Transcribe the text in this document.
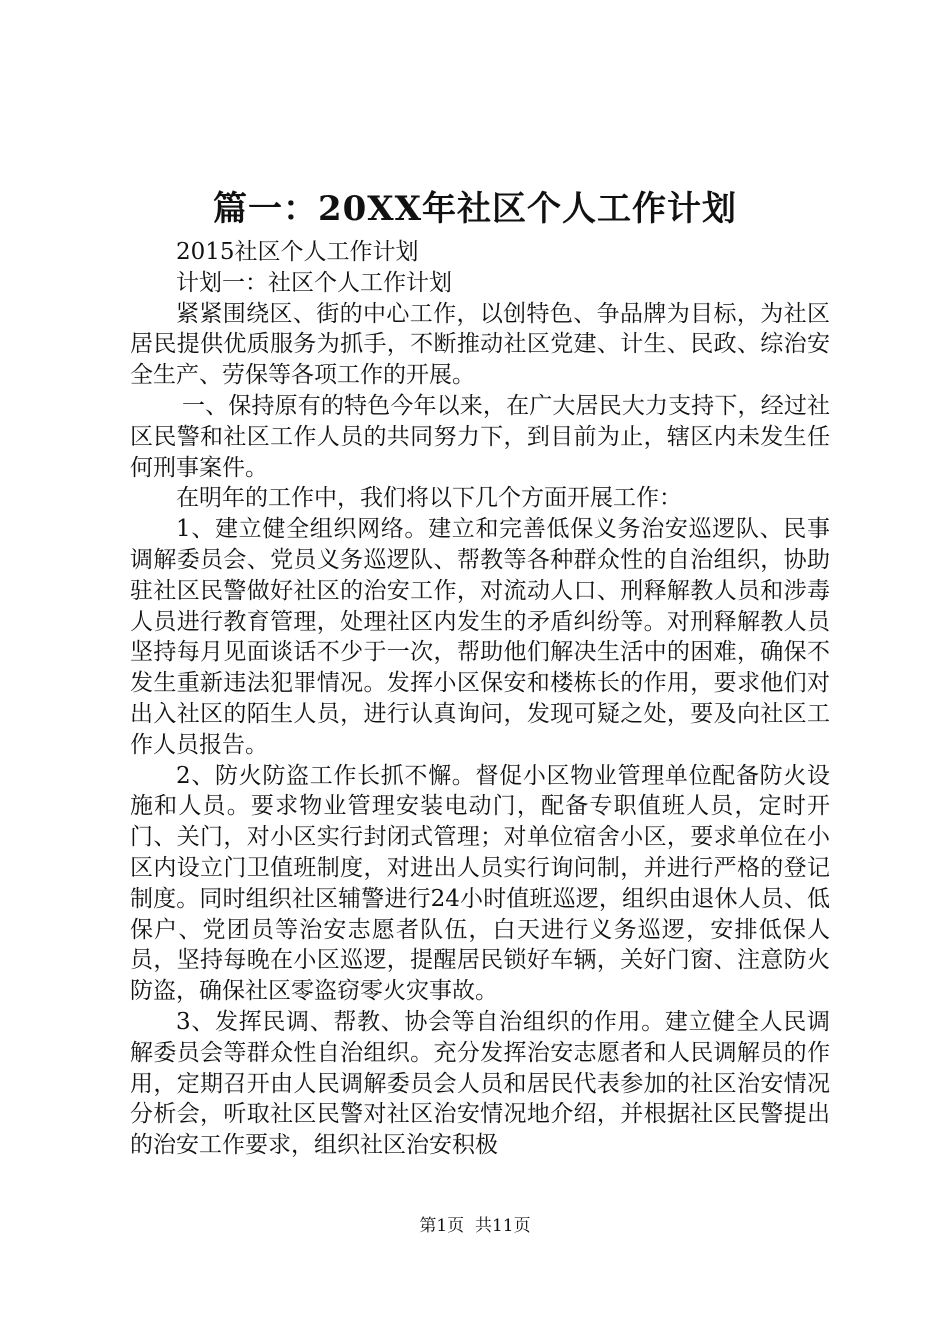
篇一：20XX年社区个人工作计划

2015社区个人工作计划

计划一：社区个人工作计划

紧紧围绕区、街的中心工作，以创特色、争品牌为目标，为社区居民提供优质服务为抓手，不断推动社区党建、计生、民政、综治安全生产、劳保等各项工作的开展。

一、保持原有的特色今年以来，在广大居民大力支持下，经过社区民警和社区工作人员的共同努力下，到目前为止，辖区内未发生任何刑事案件。

在明年的工作中，我们将以下几个方面开展工作：

1、建立健全组织网络。建立和完善低保义务治安巡逻队、民事调解委员会、党员义务巡逻队、帮教等各种群众性的自治组织，协助驻社区民警做好社区的治安工作，对流动人口、刑释解教人员和涉毒人员进行教育管理，处理社区内发生的矛盾纠纷等。对刑释解教人员坚持每月见面谈话不少于一次，帮助他们解决生活中的困难，确保不发生重新违法犯罪情况。发挥小区保安和楼栋长的作用，要求他们对出入社区的陌生人员，进行认真询问，发现可疑之处，要及向社区工作人员报告。

2、防火防盗工作长抓不懈。督促小区物业管理单位配备防火设施和人员。要求物业管理安装电动门，配备专职值班人员，定时开门、关门，对小区实行封闭式管理；对单位宿舍小区，要求单位在小区内设立门卫值班制度，对进出人员实行询问制，并进行严格的登记制度。同时组织社区辅警进行24小时值班巡逻，组织由退休人员、低保户、党团员等治安志愿者队伍，白天进行义务巡逻，安排低保人员，坚持每晚在小区巡逻，提醒居民锁好车辆，关好门窗、注意防火防盗，确保社区零盗窃零火灾事故。

3、发挥民调、帮教、协会等自治组织的作用。建立健全人民调解委员会等群众性自治组织。充分发挥治安志愿者和人民调解员的作用，定期召开由人民调解委员会人员和居民代表参加的社区治安情况分析会，听取社区民警对社区治安情况地介绍，并根据社区民警提出的治安工作要求，组织社区治安积极

第1页  共11页
